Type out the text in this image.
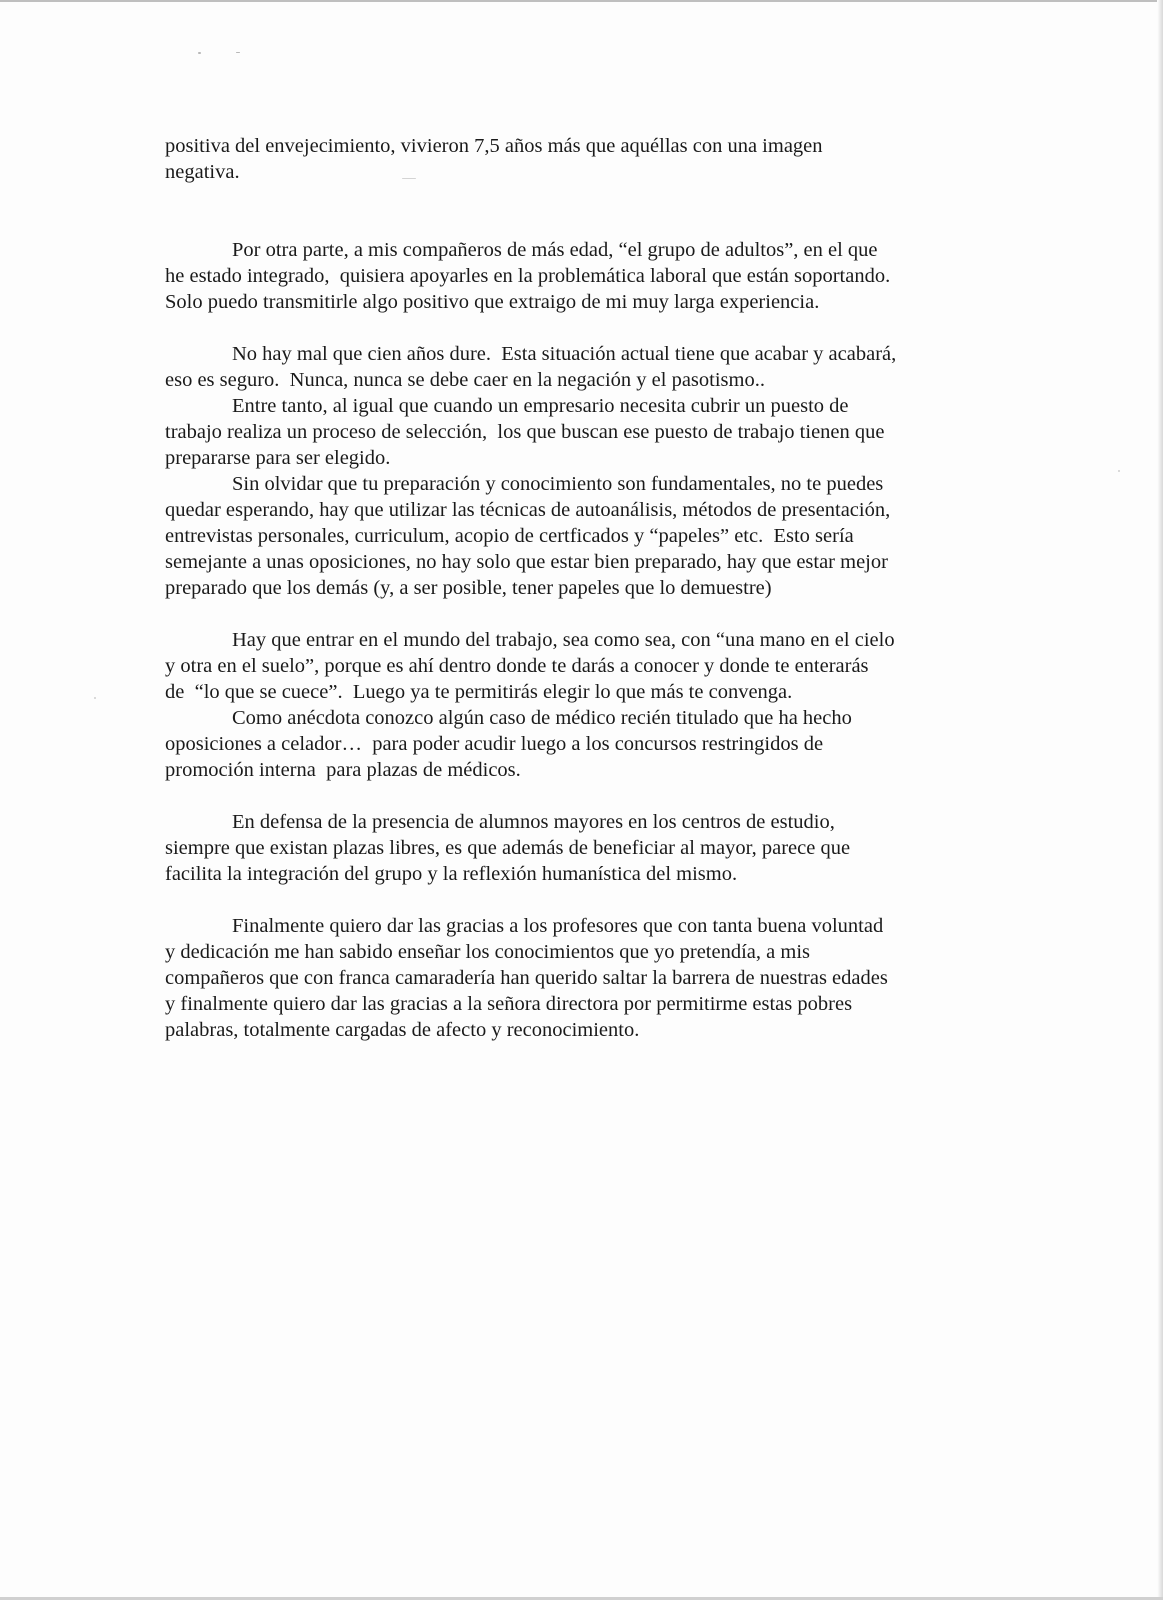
positiva del envejecimiento, vivieron 7,5 años más que aquéllas con una imagen
negativa.
Por otra parte, a mis compañeros de más edad, “el grupo de adultos”, en el que
he estado integrado,  quisiera apoyarles en la problemática laboral que están soportando.
Solo puedo transmitirle algo positivo que extraigo de mi muy larga experiencia.
No hay mal que cien años dure.  Esta situación actual tiene que acabar y acabará,
eso es seguro.  Nunca, nunca se debe caer en la negación y el pasotismo..
Entre tanto, al igual que cuando un empresario necesita cubrir un puesto de
trabajo realiza un proceso de selección,  los que buscan ese puesto de trabajo tienen que
prepararse para ser elegido.
Sin olvidar que tu preparación y conocimiento son fundamentales, no te puedes
quedar esperando, hay que utilizar las técnicas de autoanálisis, métodos de presentación,
entrevistas personales, curriculum, acopio de certficados y “papeles” etc.  Esto sería
semejante a unas oposiciones, no hay solo que estar bien preparado, hay que estar mejor
preparado que los demás (y, a ser posible, tener papeles que lo demuestre)
Hay que entrar en el mundo del trabajo, sea como sea, con “una mano en el cielo
y otra en el suelo”, porque es ahí dentro donde te darás a conocer y donde te enterarás
de  “lo que se cuece”.  Luego ya te permitirás elegir lo que más te convenga.
Como anécdota conozco algún caso de médico recién titulado que ha hecho
oposiciones a celador…  para poder acudir luego a los concursos restringidos de
promoción interna  para plazas de médicos.
En defensa de la presencia de alumnos mayores en los centros de estudio,
siempre que existan plazas libres, es que además de beneficiar al mayor, parece que
facilita la integración del grupo y la reflexión humanística del mismo.
Finalmente quiero dar las gracias a los profesores que con tanta buena voluntad
y dedicación me han sabido enseñar los conocimientos que yo pretendía, a mis
compañeros que con franca camaradería han querido saltar la barrera de nuestras edades
y finalmente quiero dar las gracias a la señora directora por permitirme estas pobres
palabras, totalmente cargadas de afecto y reconocimiento.
